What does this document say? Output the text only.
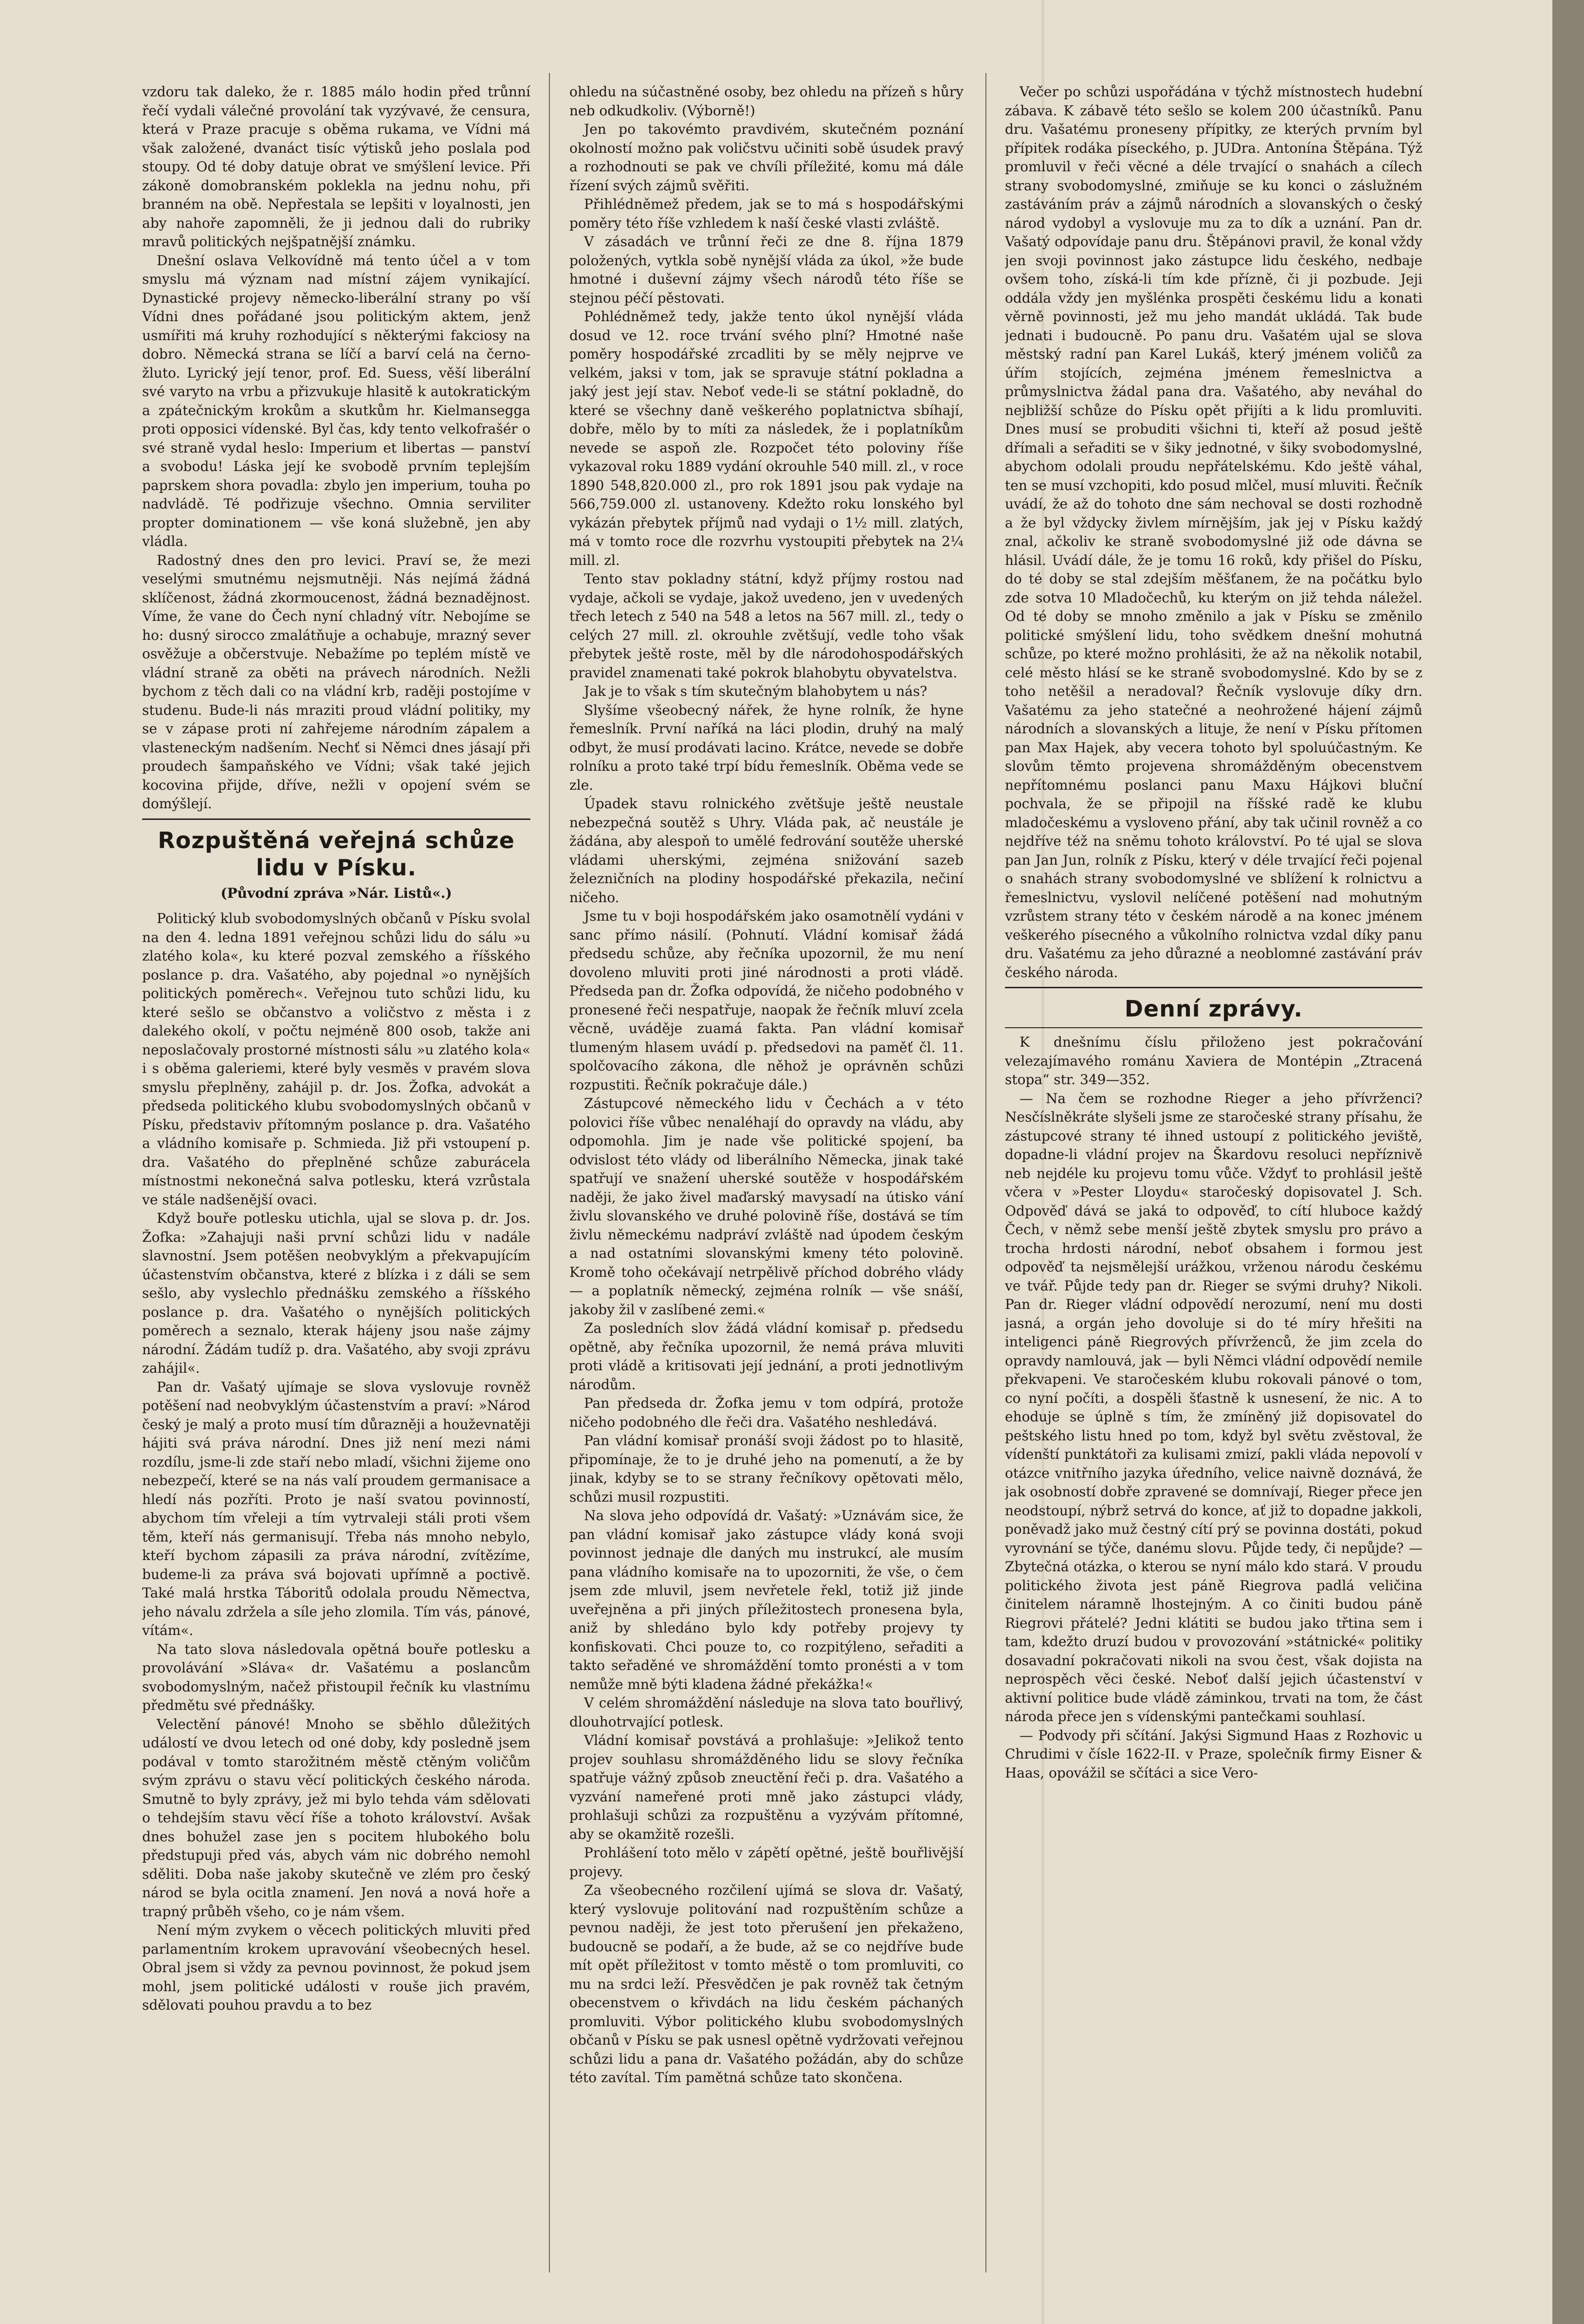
vzdoru tak daleko, že r. 1885 málo hodin před trůnní řečí vydali válečné provolání tak vyzývavé, že censura, která v Praze pracuje s oběma rukama, ve Vídni má však založené, dvanáct tisíc výtisků jeho poslala pod stoupy. Od té doby datuje obrat ve smýšlení levice. Při zákoně domobranském poklekla na jednu nohu, při branném na obě. Nepřestala se lepšiti v loyalnosti, jen aby nahoře zapomněli, že ji jednou dali do rubriky mravů politických nejšpatnější známku.

Dnešní oslava Velkovídně má tento účel a v tom smyslu má význam nad místní zájem vynikající. Dynastické projevy německo-liberální strany po vší Vídni dnes pořádané jsou politickým aktem, jenž usmířiti má kruhy rozhodující s některými fakciosy na dobro. Německá strana se líčí a barví celá na černo-žluto. Lyrický její tenor, prof. Ed. Suess, věší liberální své varyto na vrbu a přizvukuje hlasitě k autokratickým a zpátečnickým krokům a skutkům hr. Kielmansegga proti opposici vídenské. Byl čas, kdy tento velkofrašér o své straně vydal heslo: Imperium et libertas — panství a svobodu! Láska její ke svobodě prvním teplejším paprskem shora povadla: zbylo jen imperium, touha po nadvládě. Té podřizuje všechno. Omnia serviliter propter dominationem — vše koná služebně, jen aby vládla.

Radostný dnes den pro levici. Praví se, že mezi veselými smutnému nejsmutněji. Nás nejímá žádná sklíčenost, žádná zkormoucenost, žádná beznadějnost. Víme, že vane do Čech nyní chladný vítr. Nebojíme se ho: dusný sirocco zmalátňuje a ochabuje, mrazný sever osvěžuje a občerstvuje. Nebažíme po teplém místě ve vládní straně za oběti na právech národních. Nežli bychom z těch dali co na vládní krb, raději postojíme v studenu. Bude-li nás mraziti proud vládní politiky, my se v zápase proti ní zahřejeme národním zápalem a vlasteneckým nadšením. Nechť si Němci dnes jásají při proudech šampaňského ve Vídni; však také jejich kocovina přijde, dříve, nežli v opojení svém se domýšlejí.

Rozpuštěná veřejná schůze lidu v Písku.
(Původní zpráva »Nár. Listů«.)

Politický klub svobodomyslných občanů v Písku svolal na den 4. ledna 1891 veřejnou schůzi lidu do sálu »u zlatého kola«, ku které pozval zemského a říšského poslance p. dra. Vašatého, aby pojednal »o nynějších politických poměrech«. Veřejnou tuto schůzi lidu, ku které sešlo se občanstvo a voličstvo z města i z dalekého okolí, v počtu nejméně 800 osob, takže ani neposlačovaly prostorné místnosti sálu »u zlatého kola« i s oběma galeriemi, které byly vesměs v pravém slova smyslu přeplněny, zahájil p. dr. Jos. Žofka, advokát a předseda politického klubu svobodomyslných občanů v Písku, představiv přítomným poslance p. dra. Vašatého a vládního komisaře p. Schmieda. Již při vstoupení p. dra. Vašatého do přeplněné schůze zaburácela místnostmi nekonečná salva potlesku, která vzrůstala ve stále nadšenější ovaci.

Když bouře potlesku utichla, ujal se slova p. dr. Jos. Žofka: »Zahajuji naši první schůzi lidu v nadále slavnostní. Jsem potěšen neobvyklým a překvapujícím účastenstvím občanstva, které z blízka i z dáli se sem sešlo, aby vyslechlo přednášku zemského a říšského poslance p. dra. Vašatého o nynějších politických poměrech a seznalo, kterak hájeny jsou naše zájmy národní. Žádám tudíž p. dra. Vašatého, aby svoji zprávu zahájil«.

Pan dr. Vašatý ujímaje se slova vyslovuje rovněž potěšení nad neobvyklým účastenstvím a praví: »Národ český je malý a proto musí tím důrazněji a houževnatěji hájiti svá práva národní. Dnes již není mezi námi rozdílu, jsme-li zde staří nebo mladí, všichni žijeme ono nebezpečí, které se na nás valí proudem germanisace a hledí nás pozříti. Proto je naší svatou povinností, abychom tím vřeleji a tím vytrvaleji stáli proti všem těm, kteří nás germanisují. Třeba nás mnoho nebylo, kteří bychom zápasili za práva národní, zvítězíme, budeme-li za práva svá bojovati upřímně a poctivě. Také malá hrstka Táboritů odolala proudu Němectva, jeho návalu zdržela a síle jeho zlomila. Tím vás, pánové, vítám«.

Na tato slova následovala opětná bouře potlesku a provolávání »Sláva« dr. Vašatému a poslancům svobodomyslným, načež přistoupil řečník ku vlastnímu předmětu své přednášky.

Velectění pánové! Mnoho se sběhlo důležitých událostí ve dvou letech od oné doby, kdy posledně jsem podával v tomto starožitném městě ctěným voličům svým zprávu o stavu věcí politických českého národa. Smutně to byly zprávy, jež mi bylo tehda vám sdělovati o tehdejším stavu věcí říše a tohoto království. Avšak dnes bohužel zase jen s pocitem hlubokého bolu předstupuji před vás, abych vám nic dobrého nemohl sděliti. Doba naše jakoby skutečně ve zlém pro český národ se byla ocitla znamení. Jen nová a nová hoře a trapný průběh všeho, co je nám všem.

Není mým zvykem o věcech politických mluviti před parlamentním krokem upravování všeobecných hesel. Obral jsem si vždy za pevnou povinnost, že pokud jsem mohl, jsem politické události v rouše jich pravém, sdělovati pouhou pravdu a to bez

ohledu na súčastněné osoby, bez ohledu na přízeň s hůry neb odkudkoliv. (Výborně!)

Jen po takovémto pravdivém, skutečném poznání okolností možno pak voličstvu učiniti sobě úsudek pravý a rozhodnouti se pak ve chvíli příležité, komu má dále řízení svých zájmů svěřiti.

Přihlédněmež předem, jak se to má s hospodářskými poměry této říše vzhledem k naší české vlasti zvláště.

V zásadách ve trůnní řeči ze dne 8. října 1879 položených, vytkla sobě nynější vláda za úkol, »že bude hmotné i duševní zájmy všech národů této říše se stejnou péčí pěstovati.

Pohlédněmež tedy, jakže tento úkol nynější vláda dosud ve 12. roce trvání svého plní? Hmotné naše poměry hospodářské zrcadliti by se měly nejprve ve velkém, jaksi v tom, jak se spravuje státní pokladna a jaký jest její stav. Neboť vede-li se státní pokladně, do které se všechny daně veškerého poplatnictva sbíhají, dobře, mělo by to míti za následek, že i poplatníkům nevede se aspoň zle. Rozpočet této poloviny říše vykazoval roku 1889 vydání okrouhle 540 mill. zl., v roce 1890 548,820.000 zl., pro rok 1891 jsou pak vydaje na 566,759.000 zl. ustanoveny. Kdežto roku lonského byl vykázán přebytek příjmů nad vydaji o 1½ mill. zlatých, má v tomto roce dle rozvrhu vystoupiti přebytek na 2¼ mill. zl.

Tento stav pokladny státní, když příjmy rostou nad vydaje, ačkoli se vydaje, jakož uvedeno, jen v uvedených třech letech z 540 na 548 a letos na 567 mill. zl., tedy o celých 27 mill. zl. okrouhle zvětšují, vedle toho však přebytek ještě roste, měl by dle národohospodářských pravidel znamenati také pokrok blahobytu obyvatelstva.

Jak je to však s tím skutečným blahobytem u nás?

Slyšíme všeobecný nářek, že hyne rolník, že hyne řemeslník. První naříká na láci plodin, druhý na malý odbyt, že musí prodávati lacino. Krátce, nevede se dobře rolníku a proto také trpí bídu řemeslník. Oběma vede se zle.

Úpadek stavu rolnického zvětšuje ještě neustale nebezpečná soutěž s Uhry. Vláda pak, ač neustále je žádána, aby alespoň to umělé fedrování soutěže uherské vládami uherskými, zejména snižování sazeb železničních na plodiny hospodářské překazila, nečiní ničeho.

Jsme tu v boji hospodářském jako osamotnělí vydáni v sanc přímo násilí. (Pohnutí. Vládní komisař žádá předsedu schůze, aby řečníka upozornil, že mu není dovoleno mluviti proti jiné národnosti a proti vládě. Předseda pan dr. Žofka odpovídá, že ničeho podobného v pronesené řeči nespatřuje, naopak že řečník mluví zcela věcně, uváděje zuamá fakta. Pan vládní komisař tlumeným hlasem uvádí p. předsedovi na paměť čl. 11. spolčovacího zákona, dle něhož je oprávněn schůzi rozpustiti. Řečník pokračuje dále.)

Zástupcové německého lidu v Čechách a v této polovici říše vůbec nenaléhají do opravdy na vládu, aby odpomohla. Jim je nade vše politické spojení, ba odvislost této vlády od liberálního Německa, jinak také spatřují ve snažení uherské soutěže v hospodářském naději, že jako živel maďarský mavysadí na útisko vání živlu slovanského ve druhé polovině říše, dostává se tím živlu německému nadpráví zvláště nad úpodem českým a nad ostatními slovanskými kmeny této polovině. Kromě toho očekávají netrpělivě příchod dobrého vlády — a poplatník německý, zejména rolník — vše snáší, jakoby žil v zaslíbené zemi.«

Za posledních slov žádá vládní komisař p. předsedu opětně, aby řečníka upozornil, že nemá práva mluviti proti vládě a kritisovati její jednání, a proti jednotlivým národům.

Pan předseda dr. Žofka jemu v tom odpírá, protože ničeho podobného dle řeči dra. Vašatého neshledává.

Pan vládní komisař pronáší svoji žádost po to hlasitě, připomínaje, že to je druhé jeho na pomenutí, a že by jinak, kdyby se to se strany řečníkovy opětovati mělo, schůzi musil rozpustiti.

Na slova jeho odpovídá dr. Vašatý: »Uznávám sice, že pan vládní komisař jako zástupce vlády koná svoji povinnost jednaje dle daných mu instrukcí, ale musím pana vládního komisaře na to upozorniti, že vše, o čem jsem zde mluvil, jsem nevřetele řekl, totiž již jinde uveřejněna a při jiných příležitostech pronesena byla, aniž by shledáno bylo kdy potřeby projevy ty konfiskovati. Chci pouze to, co rozpitýleno, seřaditi a takto seřaděné ve shromáždění tomto pronésti a v tom nemůže mně býti kladena žádné překážka!«

V celém shromáždění následuje na slova tato bouřlivý, dlouhotrvající potlesk.

Vládní komisař povstává a prohlašuje: »Jelikož tento projev souhlasu shromážděného lidu se slovy řečníka spatřuje vážný způsob zneuctění řeči p. dra. Vašatého a vyzvání nameřené proti mně jako zástupci vlády, prohlašuji schůzi za rozpuštěnu a vyzývám přítomné, aby se okamžitě rozešli.

Prohlášení toto mělo v zápětí opětné, ještě bouřlivější projevy.

Za všeobecného rozčilení ujímá se slova dr. Vašatý, který vyslovuje politování nad rozpuštěním schůze a pevnou naději, že jest toto přerušení jen překaženo, budoucně se podaří, a že bude, až se co nejdříve bude mít opět příležitost v tomto městě o tom promluviti, co mu na srdci leží. Přesvědčen je pak rovněž tak četným obecenstvem o křivdách na lidu českém páchaných promluviti. Výbor politického klubu svobodomyslných občanů v Písku se pak usnesl opětně vydržovati veřejnou schůzi lidu a pana dr. Vašatého požádán, aby do schůze této zavítal. Tím pamětná schůze tato skončena.

Večer po schůzi uspořádána v týchž místnostech hudební zábava. K zábavě této sešlo se kolem 200 účastníků. Panu dru. Vašatému proneseny přípitky, ze kterých prvním byl přípitek rodáka píseckého, p. JUDra. Antonína Štěpána. Týž promluvil v řeči věcné a déle trvající o snahách a cílech strany svobodomyslné, zmiňuje se ku konci o záslužném zastáváním práv a zájmů národních a slovanských o český národ vydobyl a vyslovuje mu za to dík a uznání. Pan dr. Vašatý odpovídaje panu dru. Štěpánovi pravil, že konal vždy jen svoji povinnost jako zástupce lidu českého, nedbaje ovšem toho, získá-li tím kde přízně, či ji pozbude. Jeji oddála vždy jen myšlénka prospěti českému lidu a konati věrně povinnosti, jež mu jeho mandát ukládá. Tak bude jednati i budoucně. Po panu dru. Vašatém ujal se slova městský radní pan Karel Lukáš, který jménem voličů za úřím stojících, zejména jménem řemeslnictva a průmyslnictva žádal pana dra. Vašatého, aby neváhal do nejbližší schůze do Písku opět přijíti a k lidu promluviti. Dnes musí se probuditi všichni ti, kteří až posud ještě dřímali a seřaditi se v šiky jednotné, v šiky svobodomyslné, abychom odolali proudu nepřátelskému. Kdo ještě váhal, ten se musí vzchopiti, kdo posud mlčel, musí mluviti. Řečník uvádí, že až do tohoto dne sám nechoval se dosti rozhodně a že byl vždycky živlem mírnějším, jak jej v Písku každý znal, ačkoliv ke straně svobodomyslné již ode dávna se hlásil. Uvádí dále, že je tomu 16 roků, kdy přišel do Písku, do té doby se stal zdejším měšťanem, že na počátku bylo zde sotva 10 Mladočechů, ku kterým on již tehda náležel. Od té doby se mnoho změnilo a jak v Písku se změnilo politické smýšlení lidu, toho svědkem dnešní mohutná schůze, po které možno prohlásiti, že až na několik notabil, celé město hlásí se ke straně svobodomyslné. Kdo by se z toho netěšil a neradoval? Řečník vyslovuje díky drn. Vašatému za jeho statečné a neohrožené hájení zájmů národních a slovanských a lituje, že není v Písku přítomen pan Max Hajek, aby vecera tohoto byl spoluúčastným. Ke slovům těmto projevena shromážděným obecenstvem nepřítomnému poslanci panu Maxu Hájkovi bluční pochvala, že se připojil na říšské radě ke klubu mladočeskému a vysloveno přání, aby tak učinil rovněž a co nejdříve též na sněmu tohoto království. Po té ujal se slova pan Jan Jun, rolník z Písku, který v déle trvající řeči pojenal o snahách strany svobodomyslné ve sblížení k rolnictvu a řemeslnictvu, vyslovil nelíčené potěšení nad mohutným vzrůstem strany této v českém národě a na konec jménem veškerého písecného a vůkolního rolnictva vzdal díky panu dru. Vašatému za jeho důrazné a neoblomné zastávání práv českého národa.

Denní zprávy.

K dnešnímu číslu přiloženo jest pokračování velezajímavého románu Xaviera de Montépin „Ztracená stopa“ str. 349—352.

— Na čem se rozhodne Rieger a jeho přívrženci? Nesčíslněkráte slyšeli jsme ze staročeské strany přísahu, že zástupcové strany té ihned ustoupí z politického jeviště, dopadne-li vládní projev na Škardovu resoluci nepříznivě neb nejdéle ku projevu tomu vůče. Vždyť to prohlásil ještě včera v »Pester Lloydu« staročeský dopisovatel J. Sch. Odpověď dává se jaká to odpověď, to cítí hluboce každý Čech, v němž sebe menší ještě zbytek smyslu pro právo a trocha hrdosti národní, neboť obsahem i formou jest odpověď ta nejsmělejší urážkou, vrženou národu českému ve tvář. Půjde tedy pan dr. Rieger se svými druhy? Nikoli. Pan dr. Rieger vládní odpovědí nerozumí, není mu dosti jasná, a orgán jeho dovoluje si do té míry hřešiti na inteligenci páně Riegrových přívrženců, že jim zcela do opravdy namlouvá, jak — byli Němci vládní odpovědí nemile překvapeni. Ve staročeském klubu rokovali pánové o tom, co nyní počíti, a dospěli šťastně k usnesení, že nic. A to ehoduje se úplně s tím, že zmíněný již dopisovatel do peštského listu hned po tom, když byl světu zvěstoval, že vídenští punktátoři za kulisami zmizí, pakli vláda nepovolí v otázce vnitřního jazyka úředního, velice naivně doznává, že jak osobností dobře zpravené se domnívají, Rieger přece jen neodstoupí, nýbrž setrvá do konce, ať již to dopadne jakkoli, poněvadž jako muž čestný cítí prý se povinna dostáti, pokud vyrovnání se týče, danému slovu. Půjde tedy, či nepůjde? — Zbytečná otázka, o kterou se nyní málo kdo stará. V proudu politického života jest páně Riegrova padlá veličina činitelem náramně lhostejným. A co činiti budou páně Riegrovi přátelé? Jedni klátiti se budou jako třtina sem i tam, kdežto druzí budou v provozování »státnické« politiky dosavadní pokračovati nikoli na svou čest, však dojista na neprospěch věci české. Neboť další jejich účastenství v aktivní politice bude vládě záminkou, trvati na tom, že část národa přece jen s vídenskými pantečkami souhlasí.

— Podvody při sčítání. Jakýsi Sigmund Haas z Rozhovic u Chrudimi v čísle 1622-II. v Praze, společník firmy Eisner & Haas, opovážil se sčítáci a sice Vero-
